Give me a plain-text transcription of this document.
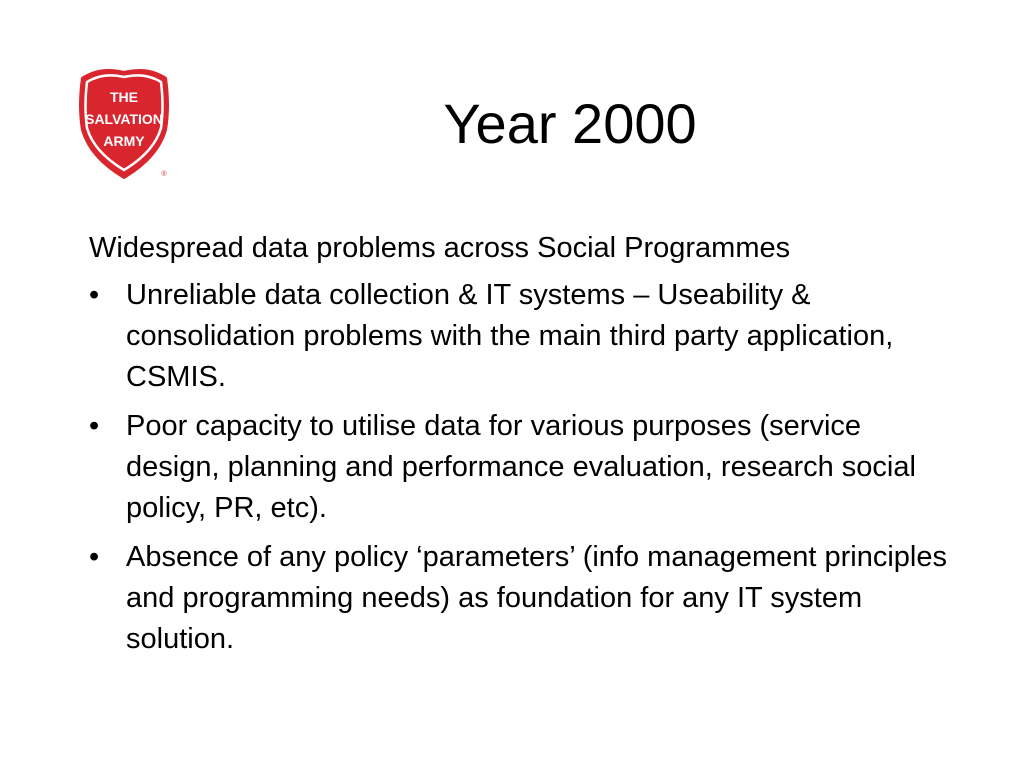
THE
SALVATION
ARMY
®
Year 2000

Widespread data problems across Social Programmes

• Unreliable data collection & IT systems – Useability & consolidation problems with the main third party application, CSMIS.
• Poor capacity to utilise data for various purposes (service design, planning and performance evaluation, research social policy, PR, etc).
• Absence of any policy ‘parameters’ (info management principles and programming needs) as foundation for any IT system solution.
